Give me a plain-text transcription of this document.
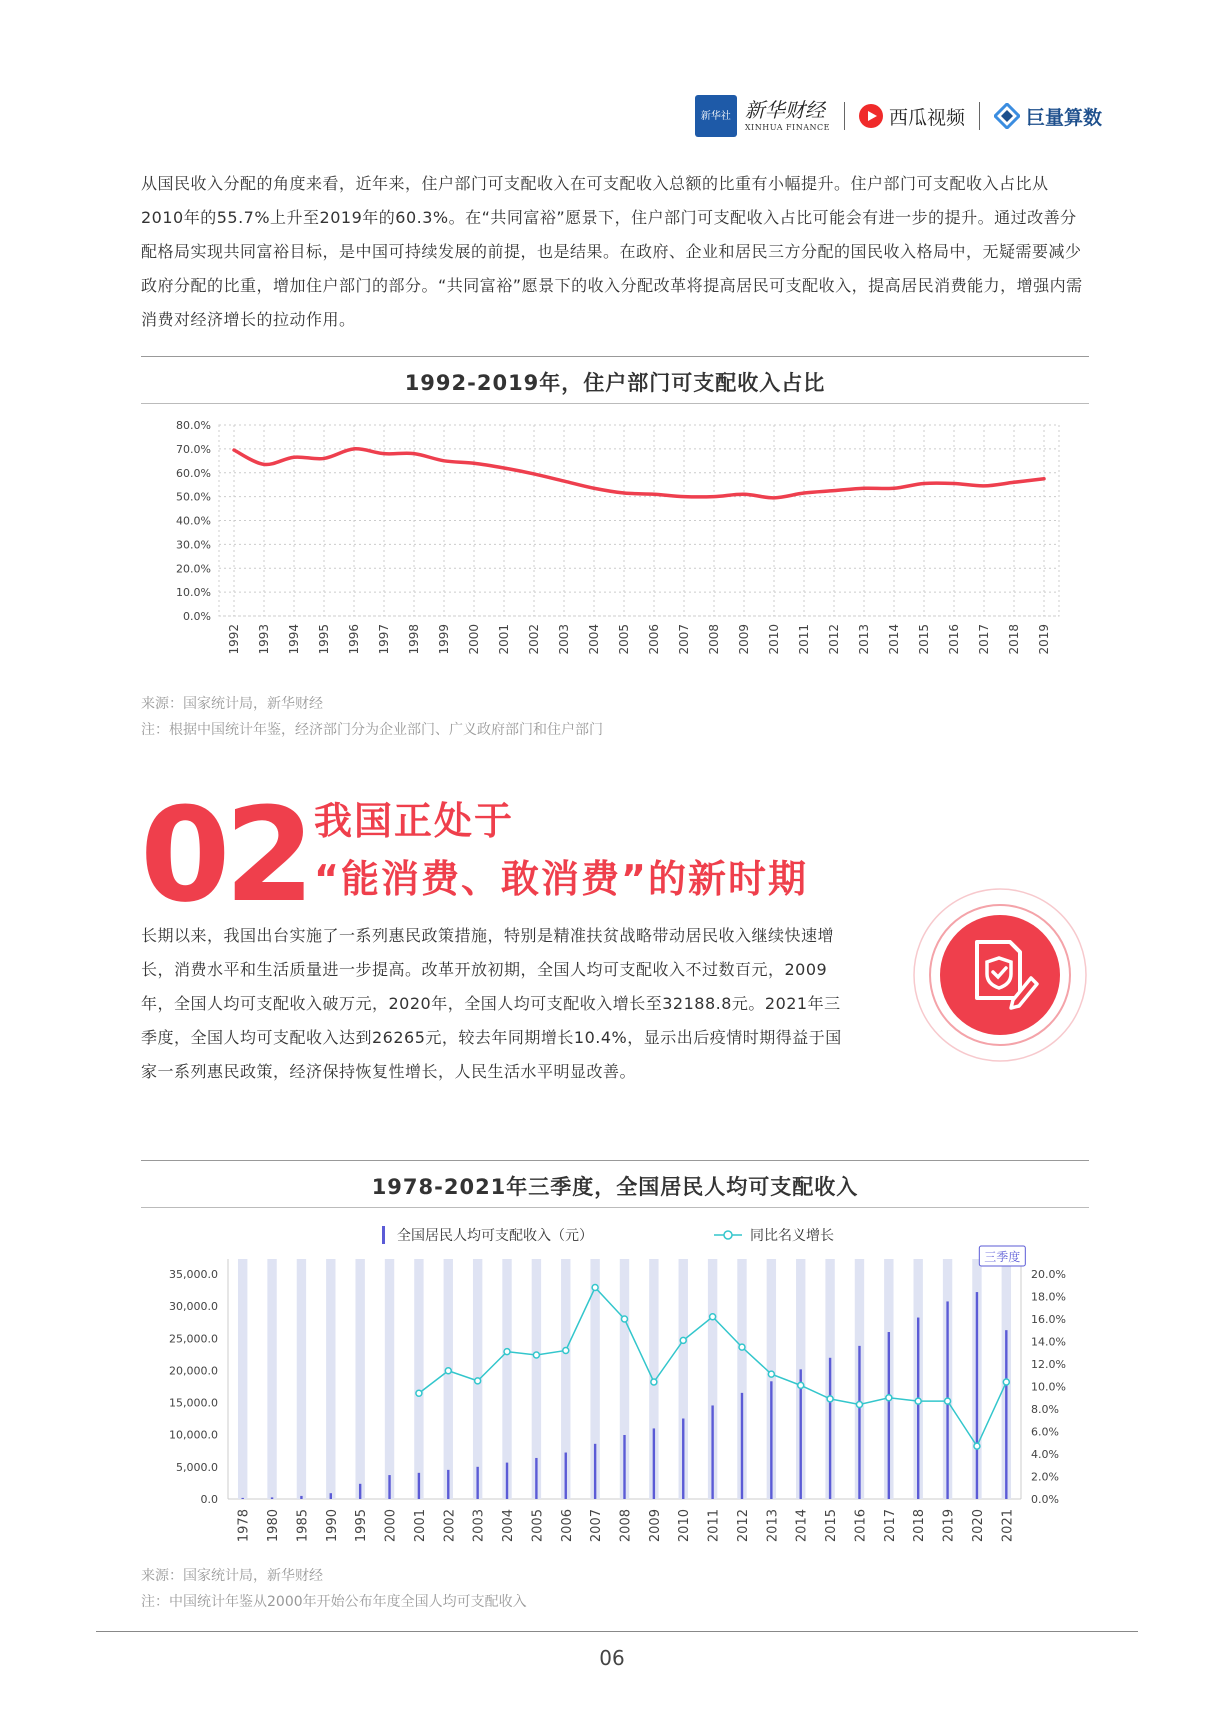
新华社 新华财经
XINHUA FINANCE	西瓜视频	巨量算数

从国民收入分配的角度来看，近年来，住户部门可支配收入在可支配收入总额的比重有小幅提升。住户部门可支配收入占比从2010年的55.7%上升至2019年的60.3%。在“共同富裕”愿景下，住户部门可支配收入占比可能会有进一步的提升。通过改善分配格局实现共同富裕目标，是中国可持续发展的前提，也是结果。在政府、企业和居民三方分配的国民收入格局中，无疑需要减少政府分配的比重，增加住户部门的部分。“共同富裕”愿景下的收入分配改革将提高居民可支配收入，提高居民消费能力，增强内需消费对经济增长的拉动作用。

1992-2019年，住户部门可支配收入占比
0.0%
10.0%
20.0%
30.0%
40.0%
50.0%
60.0%
70.0%
80.0%
1992 1993 1994 1995 1996 1997 1998 1999 2000 2001 2002 2003 2004 2005 2006 2007 2008 2009 2010 2011 2012 2013 2014 2015 2016 2017 2018 2019

来源：国家统计局，新华财经

注：根据中国统计年鉴，经济部门分为企业部门、广义政府部门和住户部门

02 我国正处于
“能消费、敢消费”的新时期

长期以来，我国出台实施了一系列惠民政策措施，特别是精准扶贫战略带动居民收入继续快速增长，消费水平和生活质量进一步提高。改革开放初期，全国人均可支配收入不过数百元，2009年，全国人均可支配收入破万元，2020年，全国人均可支配收入增长至32188.8元。2021年三季度，全国人均可支配收入达到26265元，较去年同期增长10.4%，显示出后疫情时期得益于国家一系列惠民政策，经济保持恢复性增长，人民生活水平明显改善。

1978-2021年三季度，全国居民人均可支配收入
全国居民人均可支配收入（元）	同比名义增长
0.0
5,000.0
10,000.0
15,000.0
20,000.0
25,000.0
30,000.0
35,000.0
0.0%
2.0%
4.0%
6.0%
8.0%
10.0%
12.0%
14.0%
16.0%
18.0%
20.0%
1978 1980 1985 1990 1995 2000 2001 2002 2003 2004 2005 2006 2007 2008 2009 2010 2011 2012 2013 2014 2015 2016 2017 2018 2019 2020 2021
三季度

来源：国家统计局，新华财经

注：中国统计年鉴从2000年开始公布年度全国人均可支配收入

06
